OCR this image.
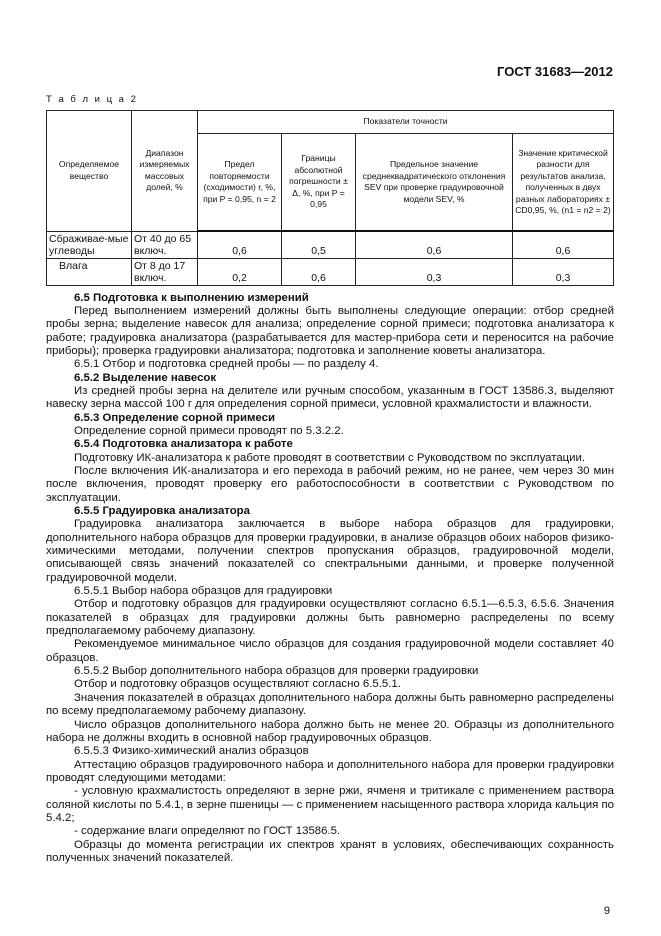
ГОСТ 31683—2012
Т а б л и ц а 2
Определяемое вещество	Диапазон измеряемых массовых долей, %	Показатели точности			
		Предел повторяемости (сходимости) r, %, при P = 0,95, n = 2	Границы абсолютной погрешности ± Δ, %, при P = 0,95	Предельное значение среднеквадратического отклонения SEV при проверке градуировочной модели SEV, %	Значение критической разности для результатов анализа, полученных в двух разных лабораториях ± CD0,95, %, (n1 = n2 = 2)
Сбраживае-мые углеводы	От 40 до 65 включ.	0,6	0,5	0,6	0,6
Влага	От 8 до 17 включ.	0,2	0,6	0,3	0,3

6.5 Подготовка к выполнению измерений

Перед выполнением измерений должны быть выполнены следующие операции: отбор средней пробы зерна; выделение навесок для анализа; определение сорной примеси; подготовка анализатора к работе; градуировка анализатора (разрабатывается для мастер-прибора сети и переносится на рабочие приборы); проверка градуировки анализатора; подготовка и заполнение кюветы анализатора.

6.5.1 Отбор и подготовка средней пробы — по разделу 4.

6.5.2 Выделение навесок

Из средней пробы зерна на делителе или ручным способом, указанным в ГОСТ 13586.3, выделяют навеску зерна массой 100 г для определения сорной примеси, условной крахмалистости и влажности.

6.5.3 Определение сорной примеси

Определение сорной примеси проводят по 5.3.2.2.

6.5.4 Подготовка анализатора к работе

Подготовку ИК-анализатора к работе проводят в соответствии с Руководством по эксплуатации.

После включения ИК-анализатора и его перехода в рабочий режим, но не ранее, чем через 30 мин после включения, проводят проверку его работоспособности в соответствии с Руководством по эксплуатации.

6.5.5 Градуировка анализатора

Градуировка анализатора заключается в выборе набора образцов для градуировки, дополнительного набора образцов для проверки градуировки, в анализе образцов обоих наборов физико-химическими методами, получении спектров пропускания образцов, градуировочной модели, описывающей связь значений показателей со спектральными данными, и проверке полученной градуировочной модели.

6.5.5.1 Выбор набора образцов для градуировки

Отбор и подготовку образцов для градуировки осуществляют согласно 6.5.1—6.5.3, 6.5.6. Значения показателей в образцах для градуировки должны быть равномерно распределены по всему предполагаемому рабочему диапазону.

Рекомендуемое минимальное число образцов для создания градуировочной модели составляет 40 образцов.

6.5.5.2 Выбор дополнительного набора образцов для проверки градуировки

Отбор и подготовку образцов осуществляют согласно 6.5.5.1.

Значения показателей в образцах дополнительного набора должны быть равномерно распределены по всему предполагаемому рабочему диапазону.

Число образцов дополнительного набора должно быть не менее 20. Образцы из дополнительного набора не должны входить в основной набор градуировочных образцов.

6.5.5.3 Физико-химический анализ образцов

Аттестацию образцов градуировочного набора и дополнительного набора для проверки градуировки проводят следующими методами:

- условную крахмалистость определяют в зерне ржи, ячменя и тритикале с применением раствора соляной кислоты по 5.4.1, в зерне пшеницы — с применением насыщенного раствора хлорида кальция по 5.4.2;

- содержание влаги определяют по ГОСТ 13586.5.

Образцы до момента регистрации их спектров хранят в условиях, обеспечивающих сохранность полученных значений показателей.

9
